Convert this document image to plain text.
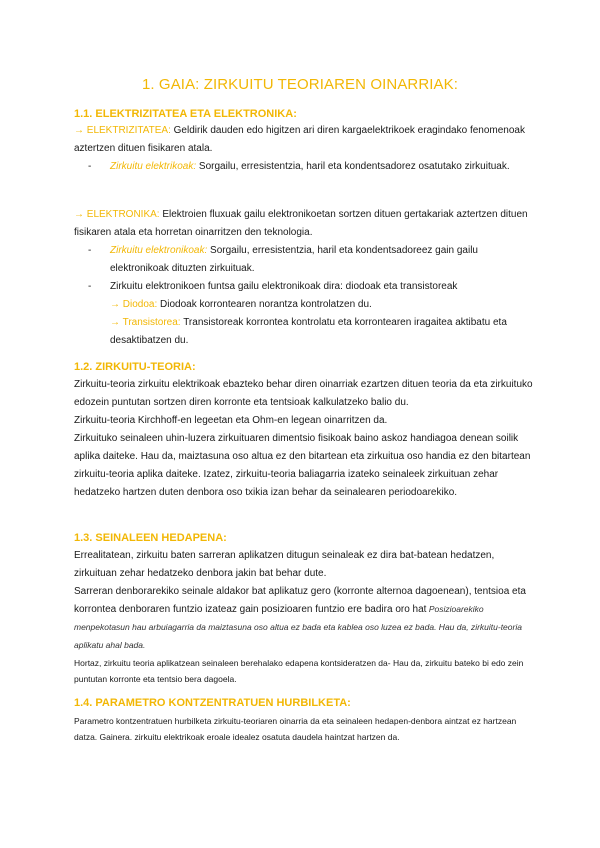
1. GAIA: ZIRKUITU TEORIAREN OINARRIAK:
1.1. ELEKTRIZITATEA ETA ELEKTRONIKA:

→ ELEKTRIZITATEA: Geldirik dauden edo higitzen ari diren kargaelektrikoek eragindako fenomenoak aztertzen dituen fisikaren atala.

- Zirkuitu elektrikoak: Sorgailu, erresistentzia, haril eta kondentsadorez osatutako zirkuituak.

→ ELEKTRONIKA: Elektroien fluxuak gailu elektronikoetan sortzen dituen gertakariak aztertzen dituen fisikaren atala eta horretan oinarritzen den teknologia.

- Zirkuitu elektronikoak: Sorgailu, erresistentzia, haril eta kondentsadoreez gain gailu elektronikoak dituzten zirkuituak.
- Zirkuitu elektronikoen funtsa gailu elektronikoak dira: diodoak eta transistoreak
→ Diodoa: Diodoak korrontearen norantza kontrolatzen du.
→ Transistorea: Transistoreak korrontea kontrolatu eta korrontearen iragaitea aktibatu eta desaktibatzen du.
1.2. ZIRKUITU-TEORIA:

Zirkuitu-teoria zirkuitu elektrikoak ebazteko behar diren oinarriak ezartzen dituen teoria da eta zirkuituko edozein puntutan sortzen diren korronte eta tentsioak kalkulatzeko balio du.

Zirkuitu-teoria Kirchhoff-en legeetan eta Ohm-en legean oinarritzen da.

Zirkuituko seinaleen uhin-luzera zirkuituaren dimentsio fisikoak baino askoz handiagoa denean soilik aplika daiteke. Hau da, maiztasuna oso altua ez den bitartean eta zirkuitua oso handia ez den bitartean zirkuitu-teoria aplika daiteke. Izatez, zirkuitu-teoria baliagarria izateko seinaleek zirkuituan zehar hedatzeko hartzen duten denbora oso txikia izan behar da seinalearen periodoarekiko.

1.3. SEINALEEN HEDAPENA:

Errealitatean, zirkuitu baten sarreran aplikatzen ditugun seinaleak ez dira bat-batean hedatzen, zirkuituan zehar hedatzeko denbora jakin bat behar dute.

Sarreran denborarekiko seinale aldakor bat aplikatuz gero (korronte alternoa dagoenean), tentsioa eta korrontea denboraren funtzio izateaz gain posizioaren funtzio ere badira oro hat Posizioarekiko menpekotasun hau arbuiagarria da maiztasuna oso altua ez bada eta kablea oso luzea ez bada. Hau da, zirkuitu-teoria aplikatu ahal bada.

Hortaz, zirkuitu teoria aplikatzean seinaleen berehalako edapena kontsideratzen da- Hau da, zirkuitu bateko bi edo zein puntutan korronte eta tentsio bera dagoela.

1.4. PARAMETRO KONTZENTRATUEN HURBILKETA:

Parametro kontzentratuen hurbilketa zirkuitu-teoriaren oinarria da eta seinaleen hedapen-denbora aintzat ez hartzean datza. Gainera. zirkuitu elektrikoak eroale idealez osatuta daudela haintzat hartzen da.
